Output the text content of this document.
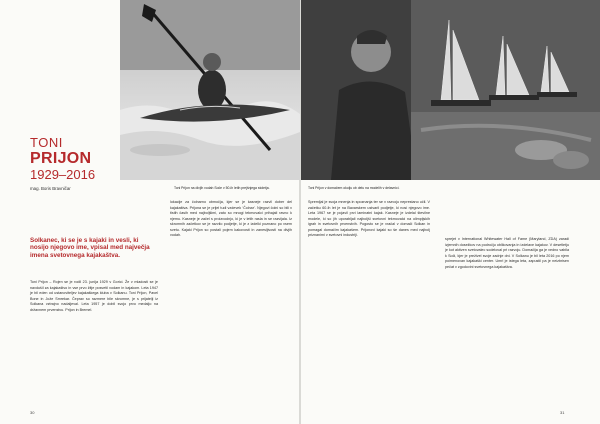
Toni Prijon na divjih vodah Soče v 50-ih letih prejšnjega stoletja.	Toni Prijon v domačem okolju ob delu na modelih v delavnici.
TONI
PRIJON
1929–2016
mag. Boris Bravničar
Solkanec, ki se je s kajaki in vesli, ki nosijo njegovo ime, vpisal med največja imena svetovnega kajakaštva.
Toni Prijon – Rojen se je rodil 23. junija 1929 v Gorici. Že v mladosti se je navdušil za kajakaštvo in vse prvo žitje posvetil vodam in kajakom. Leta 1947 je bil eden od ustanoviteljev kajakaškega kluba v Solkanu. Toni Prijon, Pavel Bone in Jože Smrekar. Čeprav so razmere bile skromne, je s prijatelji iz Solkana vztrajno nadaljeval. Leta 1957 je dobil svojo prvo medaljo na državnem prvenstvu. Prijon in Bremel.
lokacije za čolnarno območja, kjer se je kasneje razvil dober del kajakaštva. Prijona se je prijel tudi vzdevek ‘Čolnar’. Njegovi čolni so bili v tistih časih med najboljšimi, zato so mnogi tekmovalci prihajali ravno k njemu. Kasneje je začel s proizvodnjo, ki je v letih rasla in se razvijala. Iz skromnih začetkov se je razvilo podjetje, ki je z izdelki poznano po vsem svetu. Kajaki Prijon so postali pojem kakovosti in zanesljivosti na divjih vodah.
Spremljal je svoja mnenja in spoznanja ter se v razvoju neprestano učil. V začetku 60-ih let je na Bavarskem ustvaril podjetje, ki nosi njegovo ime. Leta 1967 se je pojavil prvi laminatni kajak. Kasneje je izdelal številne modele, ki so jih uporabljali najboljši svetovni tekmovalci na olimpijskih igrah in svetovnih prvenstvih. Pogosto se je vračal v domači Solkan in pomagal domačim kajakašem. Prijonovi kajaki so še danes med najbolj priznanimi v svetovni industriji.
sprejet v International Whitewater Hall of Fame (Maryland, ZDA) zaradi izjemnih dosežkov na področju oblikovanja in izdelave kajakov. V desetletju je kot aktiven svetovalec sodeloval pri razvoju. Domačija ga je vedno vabila k Soči, kjer je preživel svoje zadnje dni. V Solkanu je bil leta 2016 po njem poimenovan kajakaški center. Umrl je istega leta, zapustil pa je neizbrisen pečat v zgodovini svetovnega kajakaštva.
30	31
